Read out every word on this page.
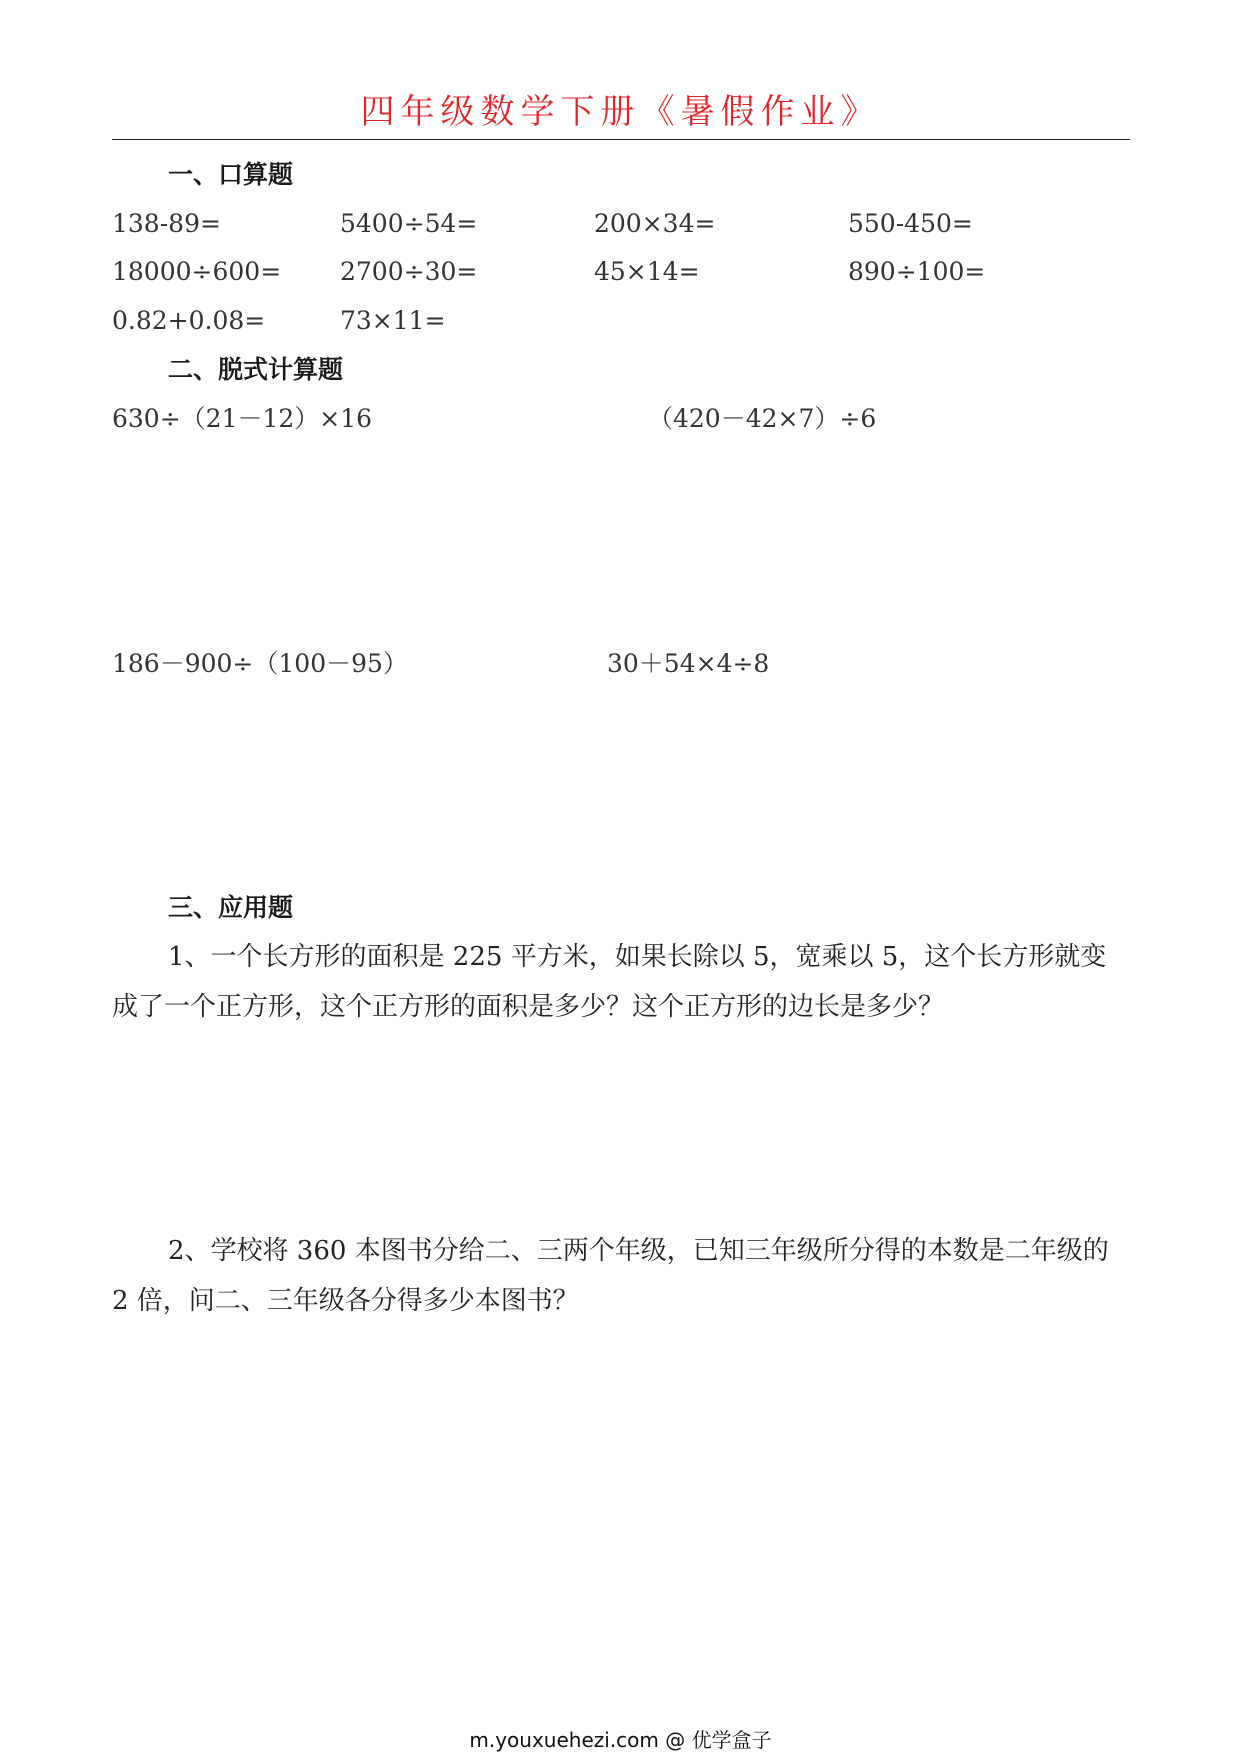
四年级数学下册《暑假作业》
一、口算题
138-89=	5400÷54=	200×34=	550-450=
18000÷600= 2700÷30=	45×14=	890÷100=
0.82+0.08=	73×11=
二、脱式计算题
630÷（21－12）×16	（420－42×7）÷6
186－900÷（100－95）	30＋54×4÷8
三、应用题
1、一个长方形的面积是 225 平方米，如果长除以 5，宽乘以 5，这个长方形就变成了一个正方形，这个正方形的面积是多少？这个正方形的边长是多少？
2、学校将 360 本图书分给二、三两个年级，已知三年级所分得的本数是二年级的 2 倍，问二、三年级各分得多少本图书？
m.youxuehezi.com @ 优学盒子
